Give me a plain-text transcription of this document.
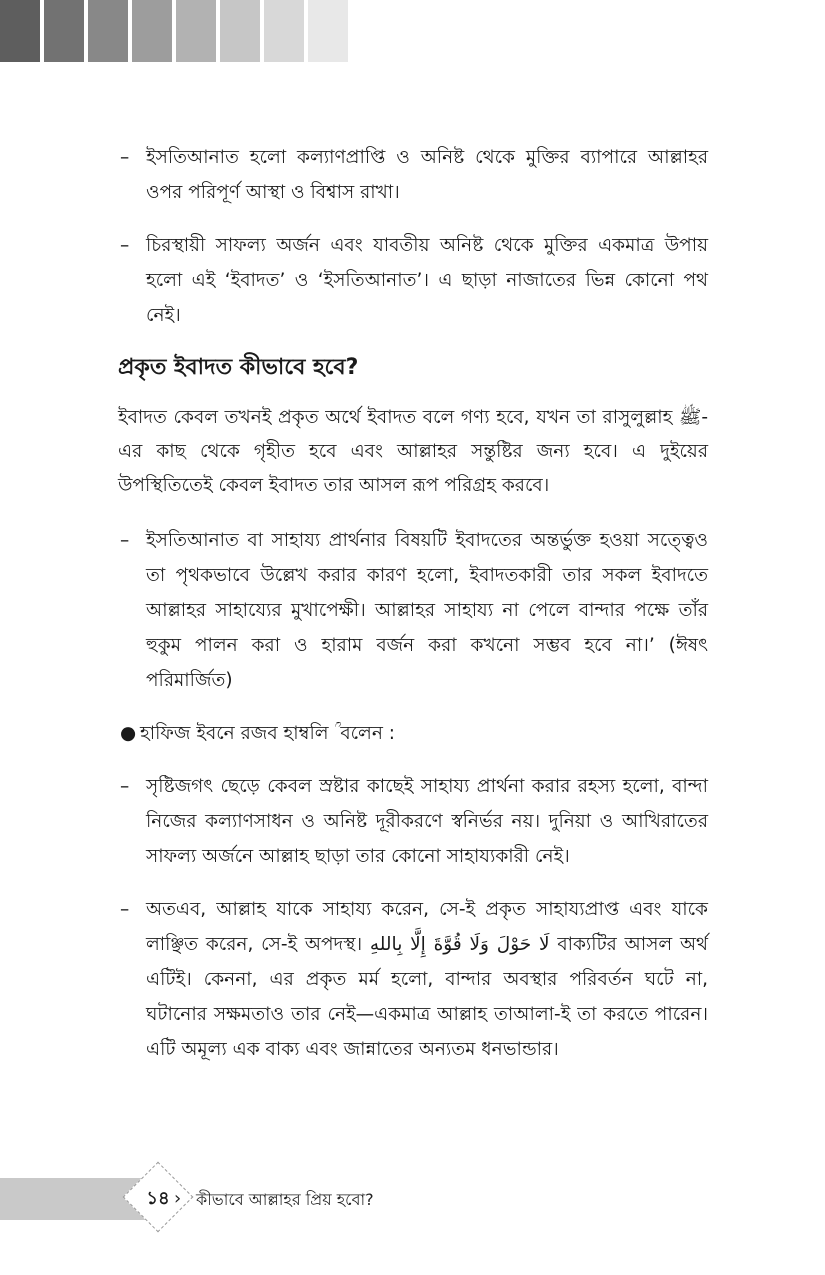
– ইসতিআনাত হলো কল্যাণপ্রাপ্তি ও অনিষ্ট থেকে মুক্তির ব্যাপারে আল্লাহর ওপর পরিপূর্ণ আস্থা ও বিশ্বাস রাখা।
– চিরস্থায়ী সাফল্য অর্জন এবং যাবতীয় অনিষ্ট থেকে মুক্তির একমাত্র উপায় হলো এই ‘ইবাদত’ ও ‘ইসতিআনাত’। এ ছাড়া নাজাতের ভিন্ন কোনো পথ নেই।
প্রকৃত ইবাদত কীভাবে হবে?

ইবাদত কেবল তখনই প্রকৃত অর্থে ইবাদত বলে গণ্য হবে, যখন তা রাসুলুল্লাহ ﷺ-এর কাছ থেকে গৃহীত হবে এবং আল্লাহর সন্তুষ্টির জন্য হবে। এ দুইয়ের উপস্থিতিতেই কেবল ইবাদত তার আসল রূপ পরিগ্রহ করবে।

– ইসতিআনাত বা সাহায্য প্রার্থনার বিষয়টি ইবাদতের অন্তর্ভুক্ত হওয়া সত্ত্বেও তা পৃথকভাবে উল্লেখ করার কারণ হলো, ইবাদতকারী তার সকল ইবাদতে আল্লাহর সাহায্যের মুখাপেক্ষী। আল্লাহর সাহায্য না পেলে বান্দার পক্ষে তাঁর হুকুম পালন করা ও হারাম বর্জন করা কখনো সম্ভব হবে না।’ (ঈষৎ পরিমার্জিত)
● হাফিজ ইবনে রজব হাম্বলি ؒ বলেন :
– সৃষ্টিজগৎ ছেড়ে কেবল স্রষ্টার কাছেই সাহায্য প্রার্থনা করার রহস্য হলো, বান্দা নিজের কল্যাণসাধন ও অনিষ্ট দূরীকরণে স্বনির্ভর নয়। দুনিয়া ও আখিরাতের সাফল্য অর্জনে আল্লাহ ছাড়া তার কোনো সাহায্যকারী নেই।
– অতএব, আল্লাহ যাকে সাহায্য করেন, সে-ই প্রকৃত সাহায্যপ্রাপ্ত এবং যাকে লাঞ্ছিত করেন, সে-ই অপদস্থ। لَا حَوْلَ وَلَا قُوَّةَ إِلَّا بِاللهِ বাক্যটির আসল অর্থ এটিই। কেননা, এর প্রকৃত মর্ম হলো, বান্দার অবস্থার পরিবর্তন ঘটে না, ঘটানোর সক্ষমতাও তার নেই—একমাত্র আল্লাহ তাআলা-ই তা করতে পারেন। এটি অমূল্য এক বাক্য এবং জান্নাতের অন্যতম ধনভান্ডার।
১৪ › কীভাবে আল্লাহর প্রিয় হবো?
